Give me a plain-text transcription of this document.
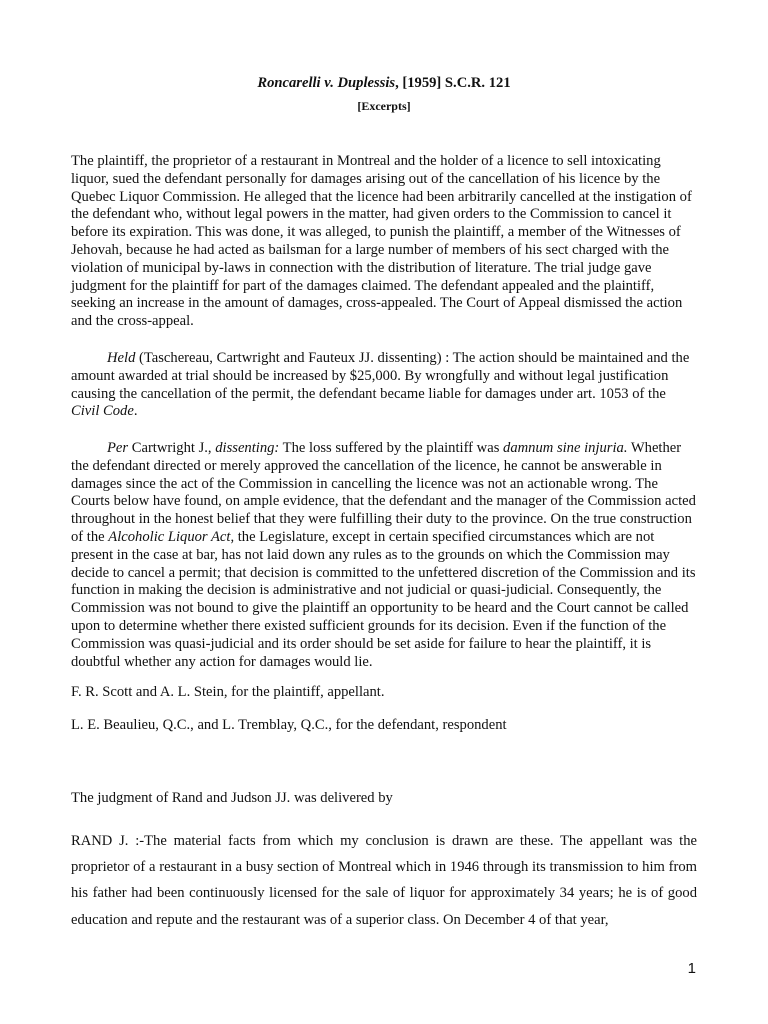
Roncarelli v. Duplessis, [1959] S.C.R. 121
[Excerpts]

The plaintiff, the proprietor of a restaurant in Montreal and the holder of a licence to sell intoxicating liquor, sued the defendant personally for damages arising out of the cancellation of his licence by the Quebec Liquor Commission. He alleged that the licence had been arbitrarily cancelled at the instigation of the defendant who, without legal powers in the matter, had given orders to the Commission to cancel it before its expiration. This was done, it was alleged, to punish the plaintiff, a member of the Witnesses of Jehovah, because he had acted as bailsman for a large number of members of his sect charged with the violation of municipal by-laws in connection with the distribution of literature. The trial judge gave judgment for the plaintiff for part of the damages claimed. The defendant appealed and the plaintiff, seeking an increase in the amount of damages, cross-appealed. The Court of Appeal dismissed the action and the cross-appeal.

Held (Taschereau, Cartwright and Fauteux JJ. dissenting) : The action should be maintained and the amount awarded at trial should be increased by $25,000. By wrongfully and without legal justification causing the cancellation of the permit, the defendant became liable for damages under art. 1053 of the Civil Code.

Per Cartwright J., dissenting: The loss suffered by the plaintiff was damnum sine injuria. Whether the defendant directed or merely approved the cancellation of the licence, he cannot be answerable in damages since the act of the Commission in cancelling the licence was not an actionable wrong. The Courts below have found, on ample evidence, that the defendant and the manager of the Commission acted throughout in the honest belief that they were fulfilling their duty to the province. On the true construction of the Alcoholic Liquor Act, the Legislature, except in certain specified circumstances which are not present in the case at bar, has not laid down any rules as to the grounds on which the Commission may decide to cancel a permit; that decision is committed to the unfettered discretion of the Commission and its function in making the decision is administrative and not judicial or quasi-judicial. Consequently, the Commission was not bound to give the plaintiff an opportunity to be heard and the Court cannot be called upon to determine whether there existed sufficient grounds for its decision. Even if the function of the Commission was quasi-judicial and its order should be set aside for failure to hear the plaintiff, it is doubtful whether any action for damages would lie.

F. R. Scott and A. L. Stein, for the plaintiff, appellant.

L. E. Beaulieu, Q.C., and L. Tremblay, Q.C., for the defendant, respondent

The judgment of Rand and Judson JJ. was delivered by

RAND J. :-The material facts from which my conclusion is drawn are these. The appellant was the proprietor of a restaurant in a busy section of Montreal which in 1946 through its transmission to him from his father had been continuously licensed for the sale of liquor for approximately 34 years; he is of good education and repute and the restaurant was of a superior class. On December 4 of that year,

1
